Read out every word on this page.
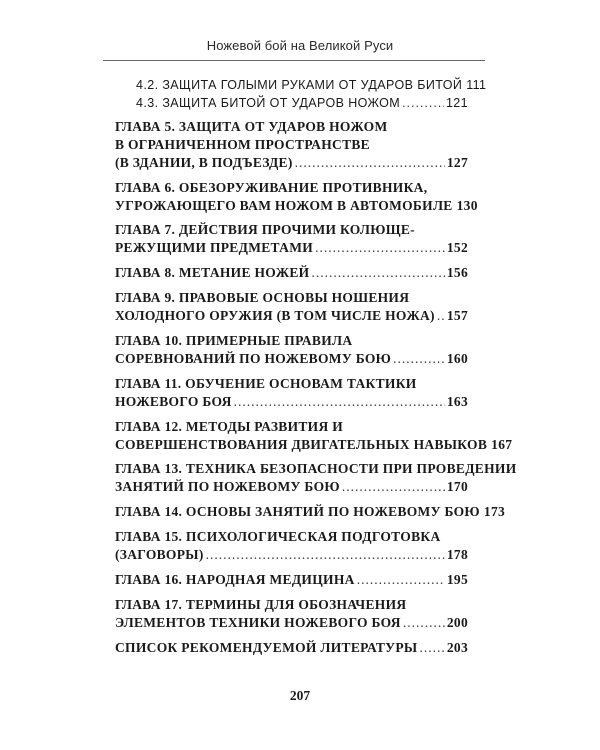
Ножевой бой на Великой Руси
4.2. ЗАЩИТА ГОЛЫМИ РУКАМИ ОТ УДАРОВ БИТОЙ 111
4.3. ЗАЩИТА БИТОЙ ОТ УДАРОВ НОЖОМ .....	121
ГЛАВА 5. ЗАЩИТА ОТ УДАРОВ НОЖОМ
В ОГРАНИЧЕННОМ ПРОСТРАНСТВЕ
(В ЗДАНИИ, В ПОДЪЕЗДЕ) .....	127
ГЛАВА 6. ОБЕЗОРУЖИВАНИЕ ПРОТИВНИКА,
УГРОЖАЮЩЕГО ВАМ НОЖОМ В АВТОМОБИЛЕ 130
ГЛАВА 7. ДЕЙСТВИЯ ПРОЧИМИ КОЛЮЩЕ-
РЕЖУЩИМИ ПРЕДМЕТАМИ .....	152
ГЛАВА 8. МЕТАНИЕ НОЖЕЙ .....	156
ГЛАВА 9. ПРАВОВЫЕ ОСНОВЫ НОШЕНИЯ
ХОЛОДНОГО ОРУЖИЯ (В ТОМ ЧИСЛЕ НОЖА) ..... 157
ГЛАВА 10. ПРИМЕРНЫЕ ПРАВИЛА
СОРЕВНОВАНИЙ ПО НОЖЕВОМУ БОЮ .....	160
ГЛАВА 11. ОБУЧЕНИЕ ОСНОВАМ ТАКТИКИ
НОЖЕВОГО БОЯ .....	163
ГЛАВА 12. МЕТОДЫ РАЗВИТИЯ И
СОВЕРШЕНСТВОВАНИЯ ДВИГАТЕЛЬНЫХ НАВЫКОВ 167
ГЛАВА 13. ТЕХНИКА БЕЗОПАСНОСТИ ПРИ ПРОВЕДЕНИИ
ЗАНЯТИЙ ПО НОЖЕВОМУ БОЮ .....	170
ГЛАВА 14. ОСНОВЫ ЗАНЯТИЙ ПО НОЖЕВОМУ БОЮ 173
ГЛАВА 15. ПСИХОЛОГИЧЕСКАЯ ПОДГОТОВКА
(ЗАГОВОРЫ) .....	178
ГЛАВА 16. НАРОДНАЯ МЕДИЦИНА .....	195
ГЛАВА 17. ТЕРМИНЫ ДЛЯ ОБОЗНАЧЕНИЯ
ЭЛЕМЕНТОВ ТЕХНИКИ НОЖЕВОГО БОЯ .....	200
СПИСОК РЕКОМЕНДУЕМОЙ ЛИТЕРАТУРЫ ..... 203
207
